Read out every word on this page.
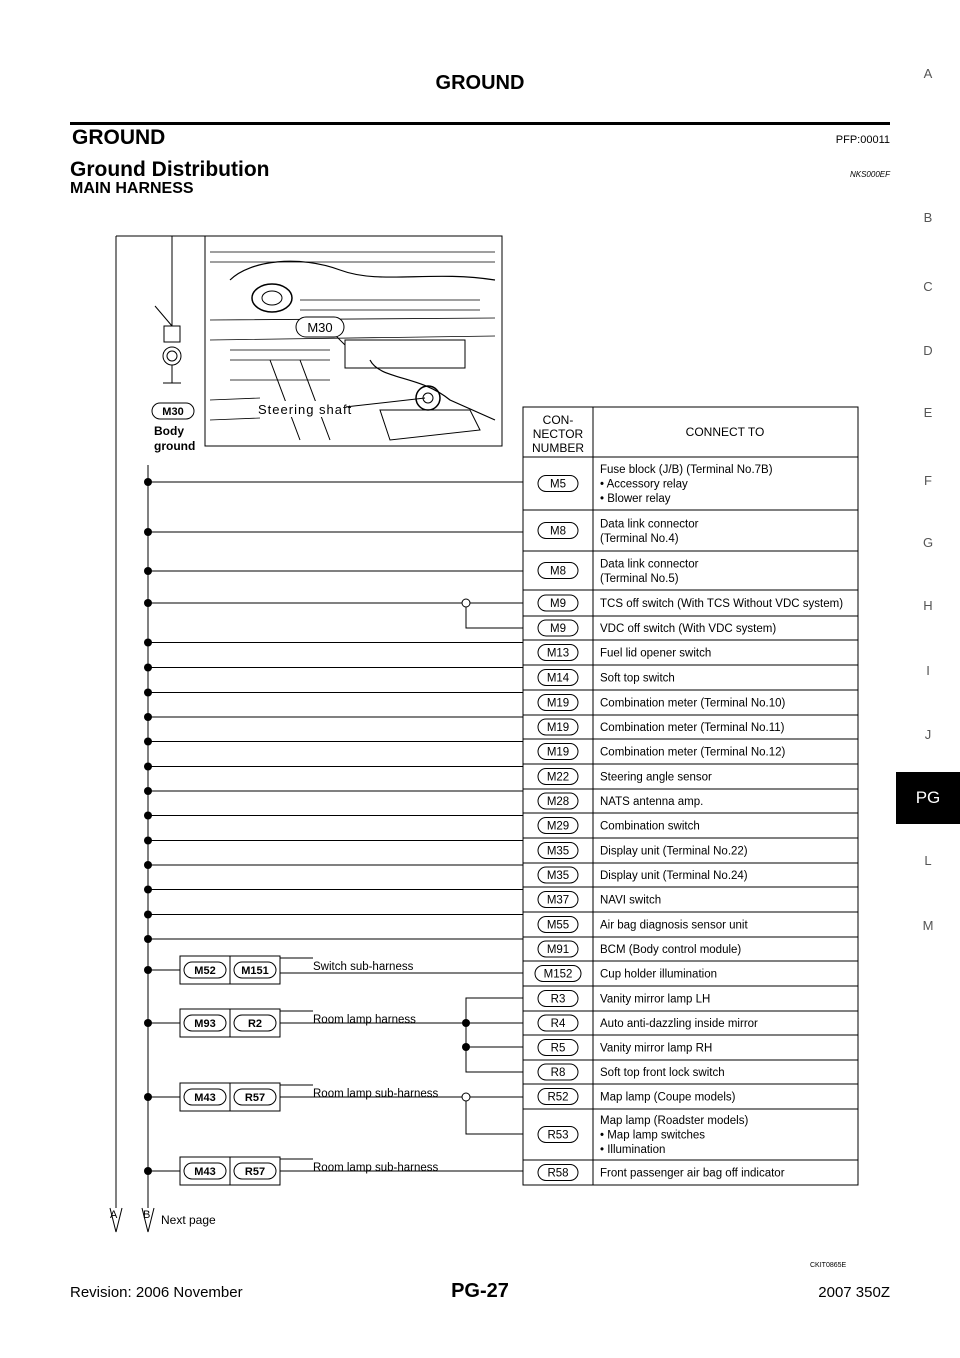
GROUND
GROUND	PFP:00011
Ground Distribution	NKS000EF
MAIN HARNESS
A
B
C
D
E
F
G
H
I
J
PG
L
M
M30
Steering shaft
M30
Body
ground
A B Next page
CON-
NECTOR
NUMBER
CONNECT TO
M5
Fuse block (J/B) (Terminal No.7B)
• Accessory relay
• Blower relay
M8
Data link connector
(Terminal No.4)
M8
Data link connector
(Terminal No.5)
M9	TCS off switch (With TCS Without VDC system)
M9	VDC off switch (With VDC system)
M13	Fuel lid opener switch
M14	Soft top switch
M19	Combination meter (Terminal No.10)
M19	Combination meter (Terminal No.11)
M19	Combination meter (Terminal No.12)
M22	Steering angle sensor
M28	NATS antenna amp.
M29	Combination switch
M35	Display unit (Terminal No.22)
M35	Display unit (Terminal No.24)
M37	NAVI switch
M55	Air bag diagnosis sensor unit
M91	BCM (Body control module)
M152 Cup holder illumination
R3	Vanity mirror lamp LH
R4	Auto anti-dazzling inside mirror
R5	Vanity mirror lamp RH
R8	Soft top front lock switch
R52	Map lamp (Coupe models)
R53
Map lamp (Roadster models)
• Map lamp switches
• Illumination
R58	Front passenger air bag off indicator
M52 M151	Switch sub-harness
M93	R2	Room lamp harness
M43	R57	Room lamp sub-harness
M43	R57	Room lamp sub-harness
CKIT0865E
Revision: 2006 November	PG-27	2007 350Z
